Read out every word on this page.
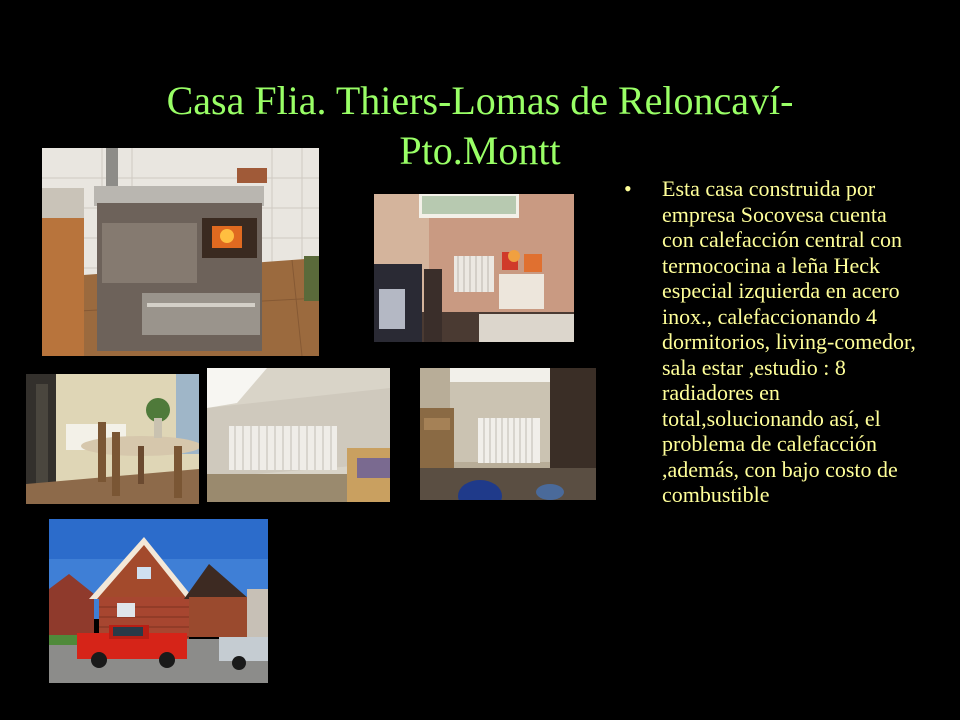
Casa Flia. Thiers-Lomas de Reloncaví-Pto.Montt
•	Esta casa construida por empresa Socovesa cuenta con calefacción central con termococina a leña Heck especial izquierda en acero inox., calefaccionando 4 dormitorios, living-comedor, sala estar ,estudio : 8 radiadores en total,solucionando así, el problema de calefacción ,además, con bajo costo de combustible
